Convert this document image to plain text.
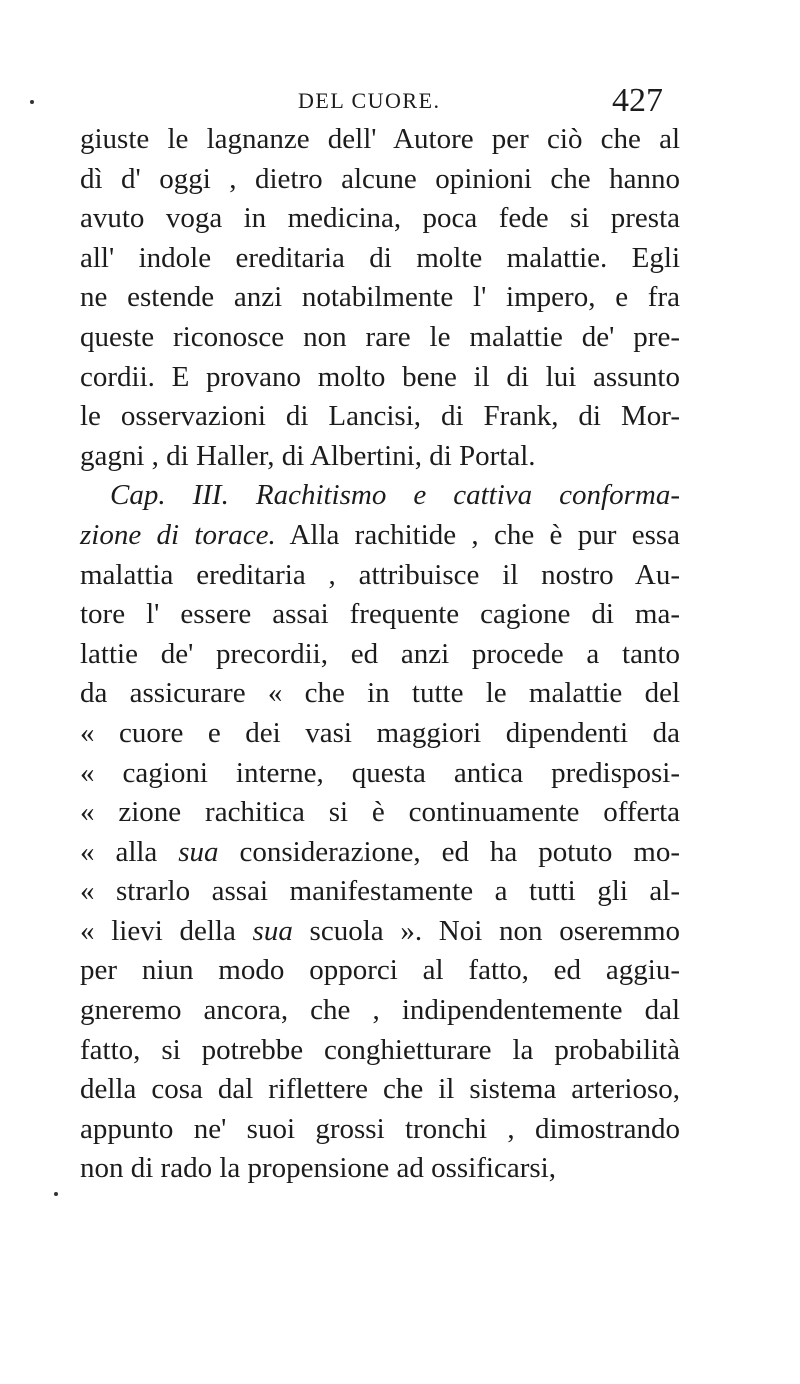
DEL CUORE.	427
giuste le lagnanze dell' Autore per ciò che al
dì d' oggi , dietro alcune opinioni che hanno
avuto voga in medicina, poca fede si presta
all' indole ereditaria di molte malattie. Egli
ne estende anzi notabilmente l' impero, e fra
queste riconosce non rare le malattie de' pre-
cordii. E provano molto bene il di lui assunto
le osservazioni di Lancisi, di Frank, di Mor-
gagni , di Haller, di Albertini, di Portal.
Cap. III. Rachitismo e cattiva conforma-
zione di torace. Alla rachitide , che è pur essa
malattia ereditaria , attribuisce il nostro Au-
tore l' essere assai frequente cagione di ma-
lattie de' precordii, ed anzi procede a tanto
da assicurare « che in tutte le malattie del
« cuore e dei vasi maggiori dipendenti da
« cagioni interne, questa antica predisposi-
« zione rachitica si è continuamente offerta
« alla sua considerazione, ed ha potuto mo-
« strarlo assai manifestamente a tutti gli al-
« lievi della sua scuola ». Noi non oseremmo
per niun modo opporci al fatto, ed aggiu-
gneremo ancora, che , indipendentemente dal
fatto, si potrebbe conghietturare la probabilità
della cosa dal riflettere che il sistema arterioso,
appunto ne' suoi grossi tronchi , dimostrando
non di rado la propensione ad ossificarsi,
